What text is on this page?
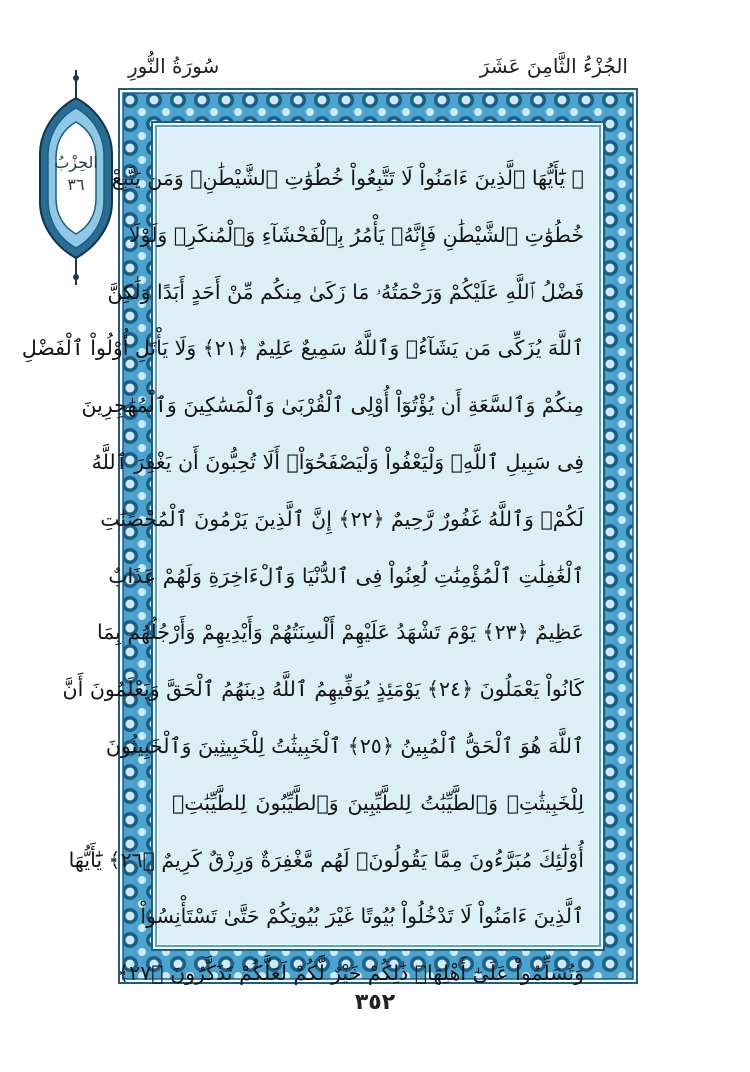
الجُزْءُ الثَّامِنَ عَشَرَ
سُورَةُ النُّورِ
الحِزْبُ
٣٦	۞ يَٰٓأَيُّهَا ٱلَّذِينَ ءَامَنُواْ لَا تَتَّبِعُواْ خُطُوَٰتِ ٱلشَّيْطَٰنِۚ وَمَن يَتَّبِعْ
خُطُوَٰتِ ٱلشَّيْطَٰنِ فَإِنَّهُۥ يَأْمُرُ بِٱلْفَحْشَآءِ وَٱلْمُنكَرِۚ وَلَوْلَا
فَضْلُ ٱللَّهِ عَلَيْكُمْ وَرَحْمَتُهُۥ مَا زَكَىٰ مِنكُم مِّنْ أَحَدٍ أَبَدًا وَلَٰكِنَّ
ٱللَّهَ يُزَكِّى مَن يَشَآءُۗ وَٱللَّهُ سَمِيعٌ عَلِيمٌ ﴿٢١﴾ وَلَا يَأْتَلِ أُوْلُواْ ٱلْفَضْلِ
مِنكُمْ وَٱلسَّعَةِ أَن يُؤْتُوٓاْ أُوْلِى ٱلْقُرْبَىٰ وَٱلْمَسَٰكِينَ وَٱلْمُهَٰجِرِينَ
فِى سَبِيلِ ٱللَّهِۖ وَلْيَعْفُواْ وَلْيَصْفَحُوٓاْۗ أَلَا تُحِبُّونَ أَن يَغْفِرَ ٱللَّهُ
لَكُمْۗ وَٱللَّهُ غَفُورٌ رَّحِيمٌ ﴿٢٢﴾ إِنَّ ٱلَّذِينَ يَرْمُونَ ٱلْمُحْصَنَٰتِ
ٱلْغَٰفِلَٰتِ ٱلْمُؤْمِنَٰتِ لُعِنُواْ فِى ٱلدُّنْيَا وَٱلْءَاخِرَةِ وَلَهُمْ عَذَابٌ
عَظِيمٌ ﴿٢٣﴾ يَوْمَ تَشْهَدُ عَلَيْهِمْ أَلْسِنَتُهُمْ وَأَيْدِيهِمْ وَأَرْجُلُهُم بِمَا
كَانُواْ يَعْمَلُونَ ﴿٢٤﴾ يَوْمَئِذٍ يُوَفِّيهِمُ ٱللَّهُ دِينَهُمُ ٱلْحَقَّ وَيَعْلَمُونَ أَنَّ
ٱللَّهَ هُوَ ٱلْحَقُّ ٱلْمُبِينُ ﴿٢٥﴾ ٱلْخَبِيثَٰتُ لِلْخَبِيثِينَ وَٱلْخَبِيثُونَ
لِلْخَبِيثَٰتِۖ وَٱلطَّيِّبَٰتُ لِلطَّيِّبِينَ وَٱلطَّيِّبُونَ لِلطَّيِّبَٰتِۚ
أُوْلَٰٓئِكَ مُبَرَّءُونَ مِمَّا يَقُولُونَۖ لَهُم مَّغْفِرَةٌ وَرِزْقٌ كَرِيمٌ ﴿٢٦﴾ يَٰٓأَيُّهَا
ٱلَّذِينَ ءَامَنُواْ لَا تَدْخُلُواْ بُيُوتًا غَيْرَ بُيُوتِكُمْ حَتَّىٰ تَسْتَأْنِسُواْ
وَتُسَلِّمُواْ عَلَىٰٓ أَهْلِهَاۚ ذَٰلِكُمْ خَيْرٌ لَّكُمْ لَعَلَّكُمْ تَذَكَّرُونَ ﴿٢٧﴾
٣٥٢
